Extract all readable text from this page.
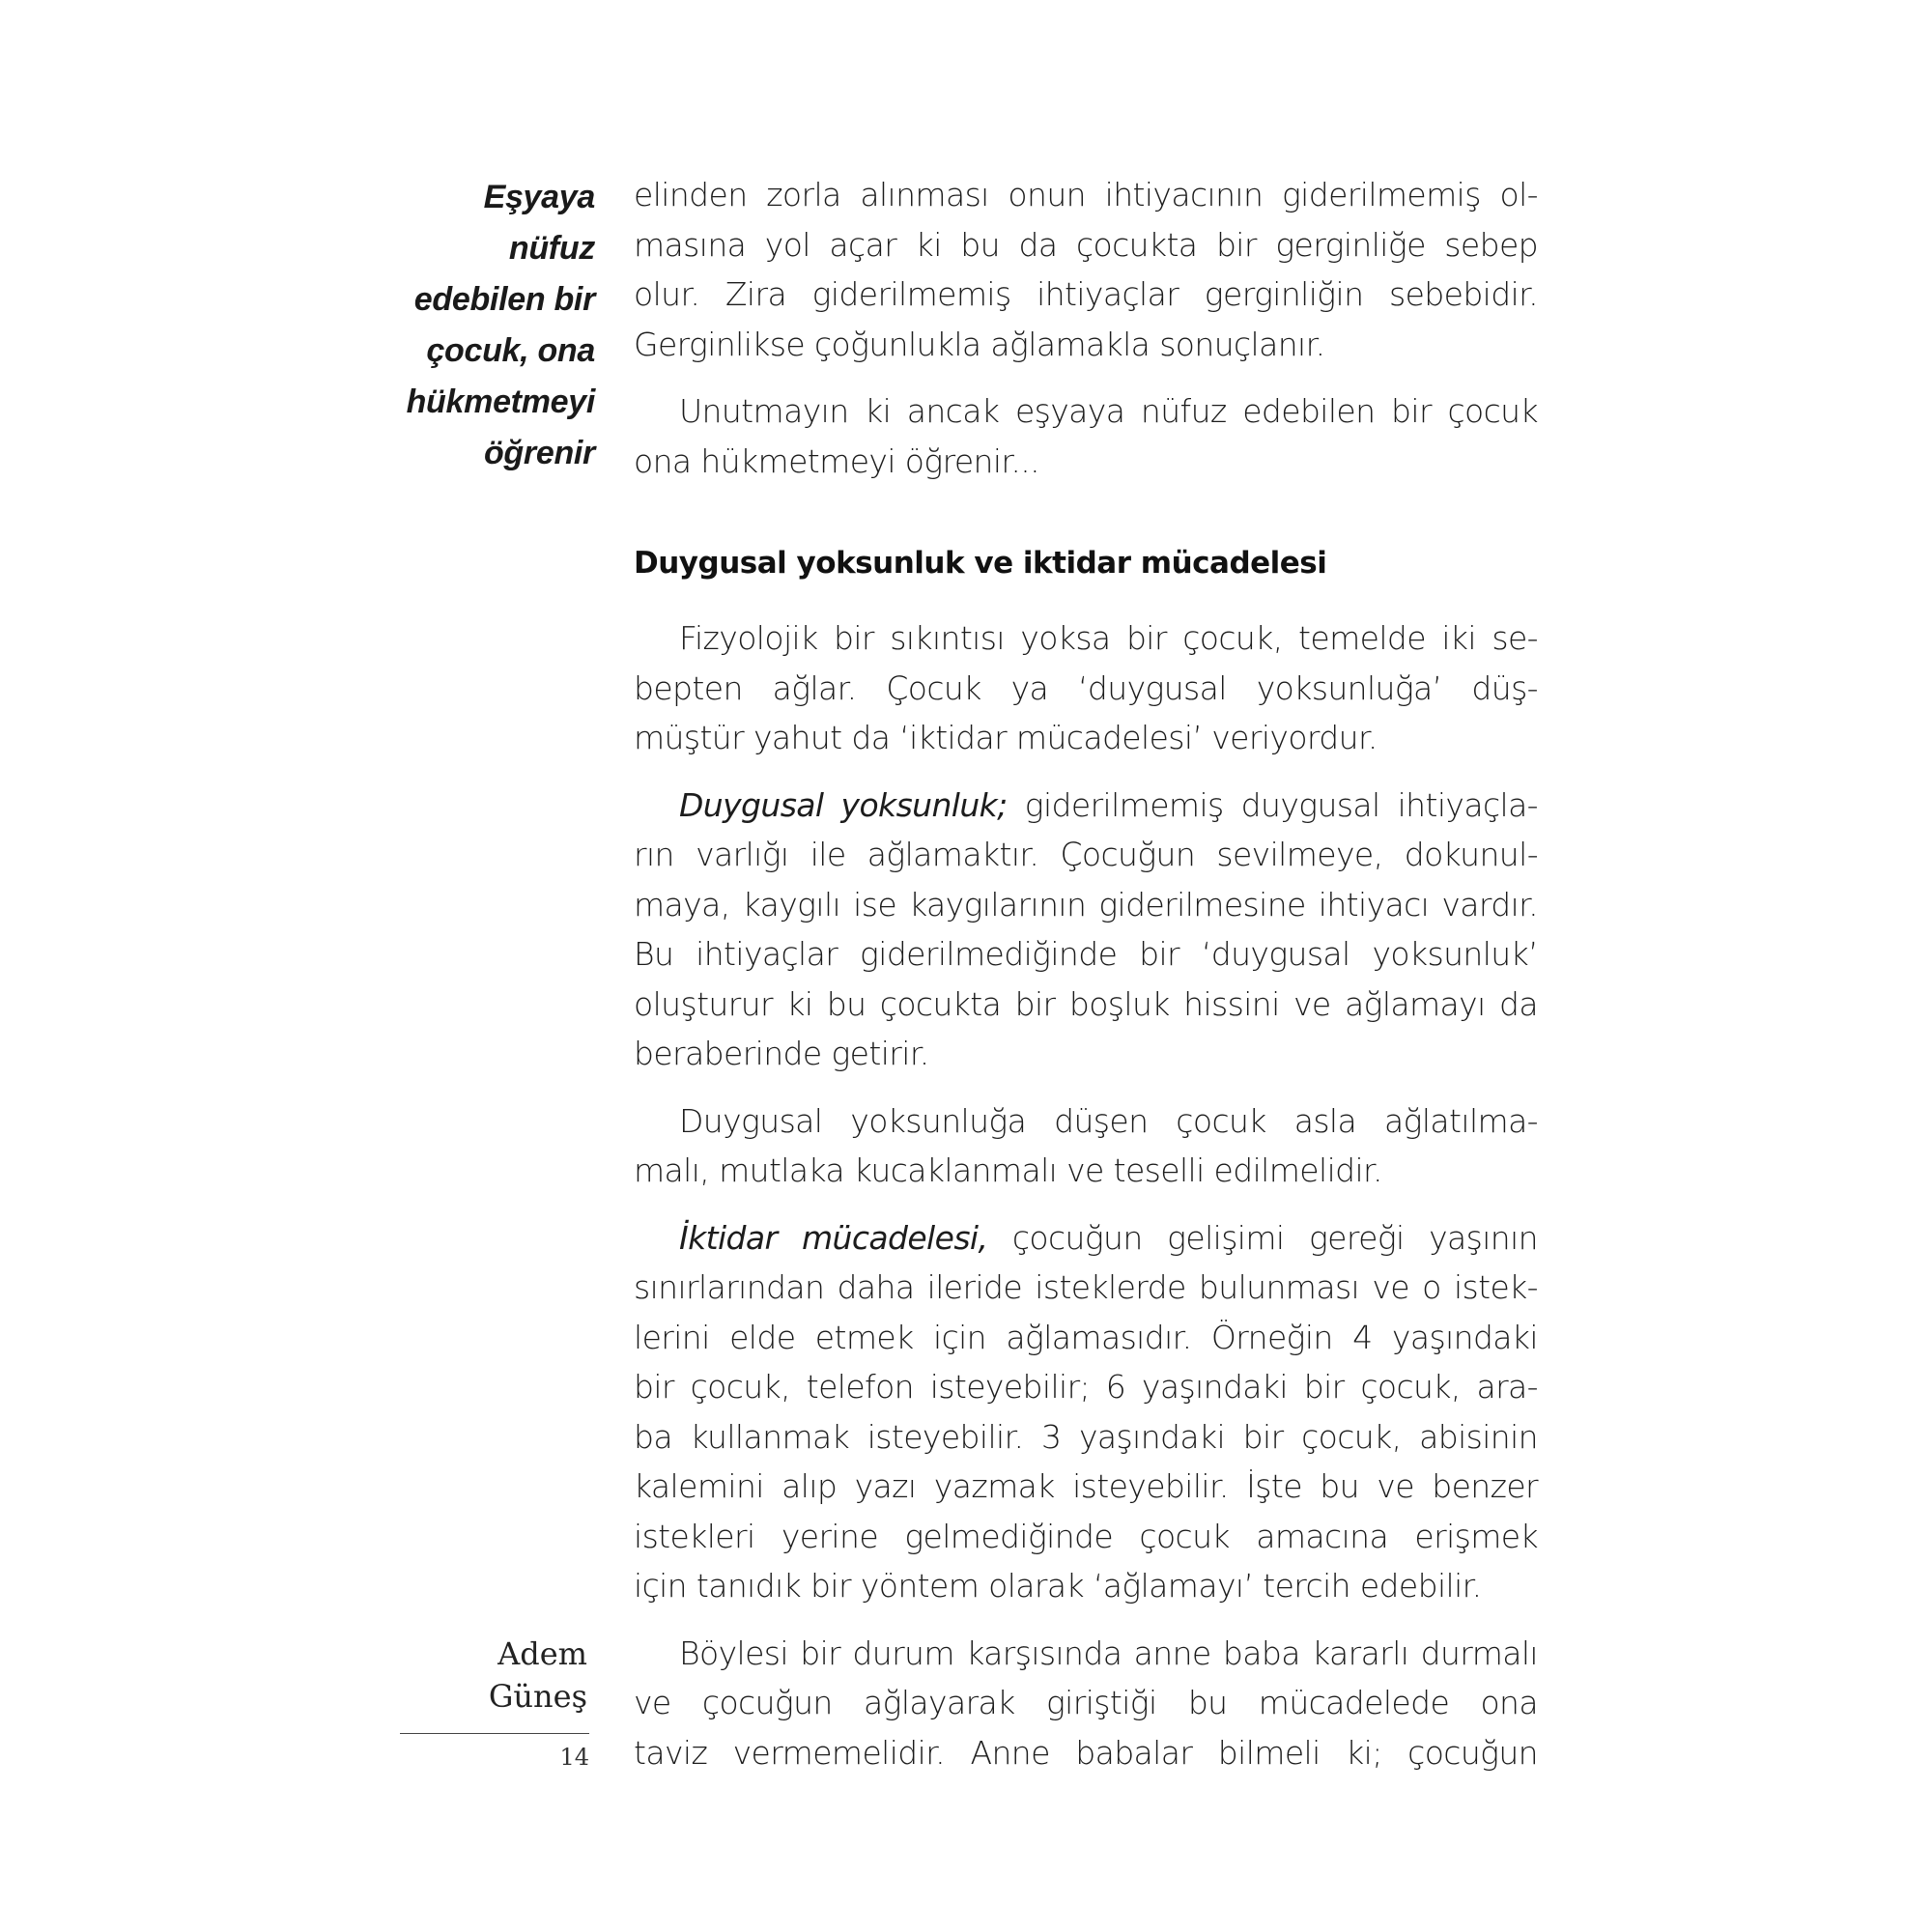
Eşyaya
nüfuz
edebilen bir
çocuk, ona
hükmetmeyi
öğrenir

elinden zorla alınması onun ihtiyacının giderilmemiş ol-
masına yol açar ki bu da çocukta bir gerginliğe sebep
olur. Zira giderilmemiş ihtiyaçlar gerginliğin sebebidir.
Gerginlikse çoğunlukla ağlamakla sonuçlanır.

Unutmayın ki ancak eşyaya nüfuz edebilen bir çocuk
ona hükmetmeyi öğrenir...

Duygusal yoksunluk ve iktidar mücadelesi

Fizyolojik bir sıkıntısı yoksa bir çocuk, temelde iki se-
bepten ağlar. Çocuk ya ‘duygusal yoksunluğa’ düş-
müştür yahut da ‘iktidar mücadelesi’ veriyordur.

Duygusal yoksunluk; giderilmemiş duygusal ihtiyaçla-
rın varlığı ile ağlamaktır. Çocuğun sevilmeye, dokunul-
maya, kaygılı ise kaygılarının giderilmesine ihtiyacı vardır.
Bu ihtiyaçlar giderilmediğinde bir ‘duygusal yoksunluk’
oluşturur ki bu çocukta bir boşluk hissini ve ağlamayı da
beraberinde getirir.

Duygusal yoksunluğa düşen çocuk asla ağlatılma-
malı, mutlaka kucaklanmalı ve teselli edilmelidir.

İktidar mücadelesi, çocuğun gelişimi gereği yaşının
sınırlarından daha ileride isteklerde bulunması ve o istek-
lerini elde etmek için ağlamasıdır. Örneğin 4 yaşındaki
bir çocuk, telefon isteyebilir; 6 yaşındaki bir çocuk, ara-
ba kullanmak isteyebilir. 3 yaşındaki bir çocuk, abisinin
kalemini alıp yazı yazmak isteyebilir. İşte bu ve benzer
istekleri yerine gelmediğinde çocuk amacına erişmek
için tanıdık bir yöntem olarak ‘ağlamayı’ tercih edebilir.

Böylesi bir durum karşısında anne baba kararlı durmalı
ve çocuğun ağlayarak giriştiği bu mücadelede ona
taviz vermemelidir. Anne babalar bilmeli ki; çocuğun

Adem
Güneş
14
